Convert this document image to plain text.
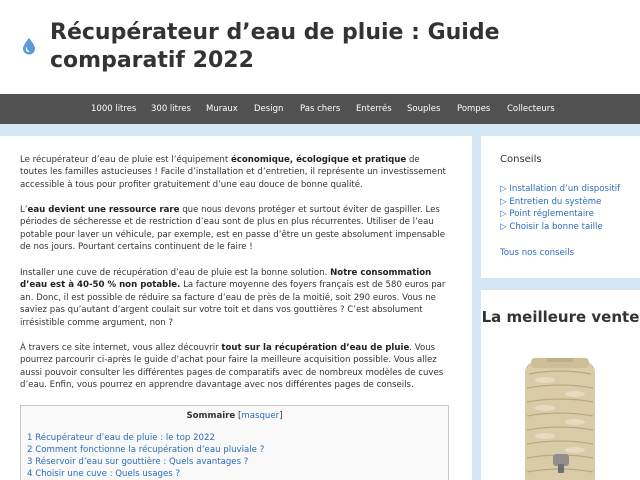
Récupérateur d’eau de pluie : Guide comparatif 2022
1000 litres 300 litres Muraux Design Pas chers Enterrés Souples Pompes Collecteurs

Le récupérateur d’eau de pluie est l’équipement économique, écologique et pratique de toutes les familles astucieuses ! Facile d’installation et d’entretien, il représente un investissement accessible à tous pour profiter gratuitement d’une eau douce de bonne qualité.

L’eau devient une ressource rare que nous devons protéger et surtout éviter de gaspiller. Les périodes de sécheresse et de restriction d’eau sont de plus en plus récurrentes. Utiliser de l’eau potable pour laver un véhicule, par exemple, est en passe d’être un geste absolument impensable de nos jours. Pourtant certains continuent de le faire !

Installer une cuve de récupération d’eau de pluie est la bonne solution. Notre consommation d’eau est à 40-50 % non potable. La facture moyenne des foyers français est de 580 euros par an. Donc, il est possible de réduire sa facture d’eau de près de la moitié, soit 290 euros. Vous ne saviez pas qu’autant d’argent coulait sur votre toit et dans vos gouttières ? C’est absolument irrésistible comme argument, non ?

À travers ce site internet, vous allez découvrir tout sur la récupération d’eau de pluie. Vous pourrez parcourir ci-après le guide d’achat pour faire la meilleure acquisition possible. Vous allez aussi pouvoir consulter les différentes pages de comparatifs avec de nombreux modèles de cuves d’eau. Enfin, vous pourrez en apprendre davantage avec nos différentes pages de conseils.

Sommaire [masquer]
1 Récupérateur d’eau de pluie : le top 2022
2 Comment fonctionne la récupération d’eau pluviale ?
3 Réservoir d’eau sur gouttière : Quels avantages ?
4 Choisir une cuve : Quels usages ?
Conseils
▷ Installation d’un dispositif
▷ Entretien du système
▷ Point réglementaire
▷ Choisir la bonne taille
Tous nos conseils
La meilleure vente
